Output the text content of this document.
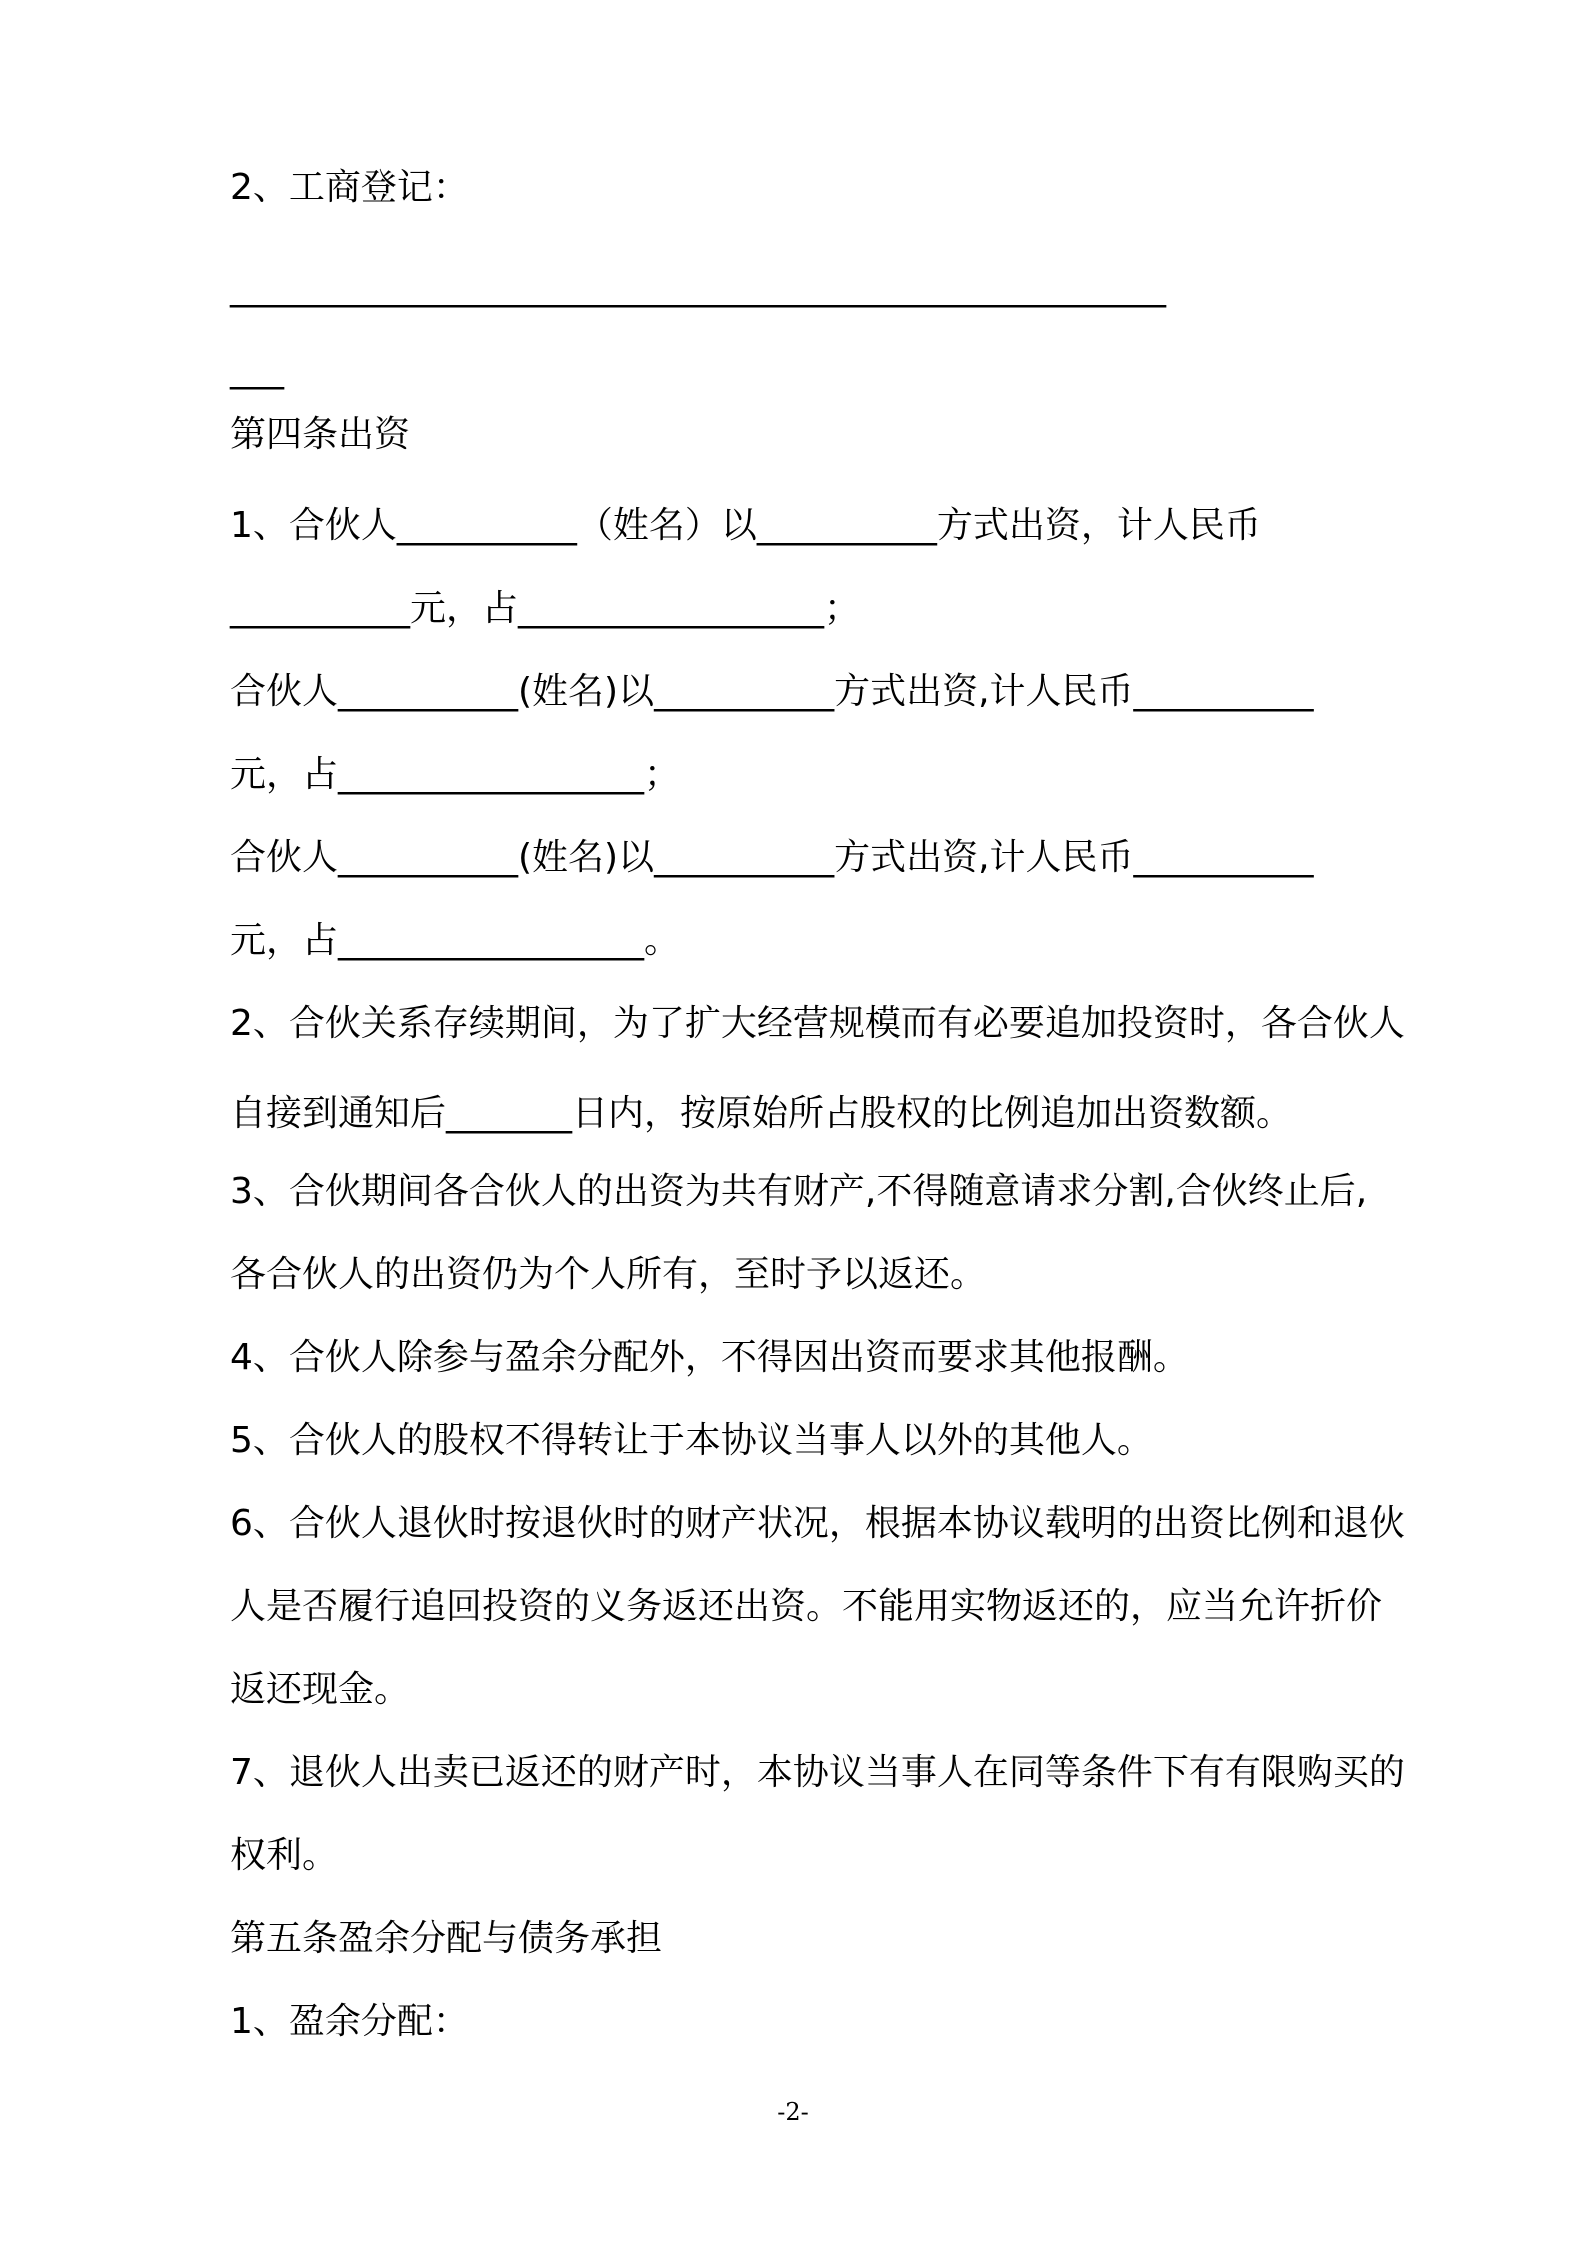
2、工商登记：

____________________________________________________

___

第四条出资

1、合伙人__________（姓名）以__________方式出资，计人民币

__________元，占_________________；

合伙人__________(姓名)以__________方式出资,计人民币__________

元，占_________________；

合伙人__________(姓名)以__________方式出资,计人民币__________

元，占_________________。

2、合伙关系存续期间，为了扩大经营规模而有必要追加投资时，各合伙人

自接到通知后_______日内，按原始所占股权的比例追加出资数额。

3、合伙期间各合伙人的出资为共有财产,不得随意请求分割,合伙终止后,

各合伙人的出资仍为个人所有，至时予以返还。

4、合伙人除参与盈余分配外，不得因出资而要求其他报酬。

5、合伙人的股权不得转让于本协议当事人以外的其他人。

6、合伙人退伙时按退伙时的财产状况，根据本协议载明的出资比例和退伙

人是否履行追回投资的义务返还出资。不能用实物返还的，应当允许折价

返还现金。

7、退伙人出卖已返还的财产时，本协议当事人在同等条件下有有限购买的

权利。

第五条盈余分配与债务承担

1、盈余分配：

-2-
